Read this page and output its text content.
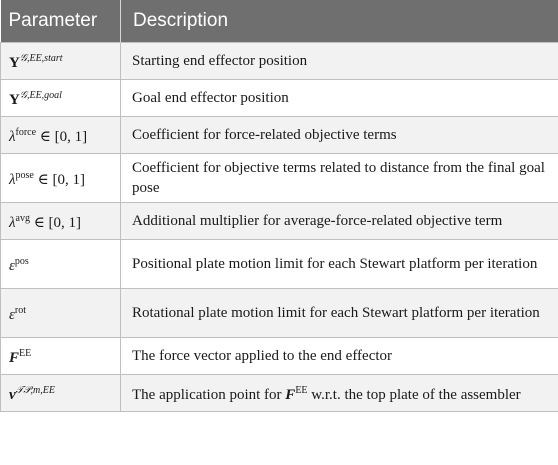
Parameter	Description
$\Upsilon^{𝒢,EE,start}$	Starting end effector position
$\Upsilon^{𝒢,EE,goal}$	Goal end effector position
$\lambda^{force}$ ∈ [0, 1]	Coefficient for force-related objective terms
$\lambda^{pose}$ ∈ [0, 1]	Coefficient for objective terms related to distance from the final goal pose
$\lambda^{avg}$ ∈ [0, 1]	Additional multiplier for average-force-related objective term
$\varepsilon^{pos}$	Positional plate motion limit for each Stewart platform per iteration
$\varepsilon^{rot}$	Rotational plate motion limit for each Stewart platform per iteration
$F^{EE}$	The force vector applied to the end effector
$v^{𝒯𝒫,m,EE}$	The application point for $F^{EE}$ w.r.t. the top plate of the assembler
